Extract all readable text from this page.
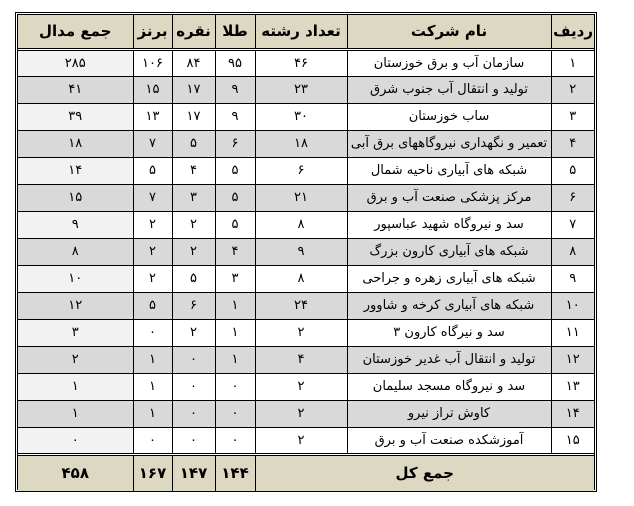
ردیف	نام شرکت	تعداد رشته	طلا	نقره	برنز	جمع مدال
۱	سازمان آب و برق خوزستان	۴۶	۹۵	۸۴	۱۰۶	۲۸۵
۲	تولید و انتقال آب جنوب شرق	۲۳	۹	۱۷	۱۵	۴۱
۳	ساب خوزستان	۳۰	۹	۱۷	۱۳	۳۹
۴	تعمیر و نگهداری نیروگاههای برق آبی	۱۸	۶	۵	۷	۱۸
۵	شبکه های آبیاری ناحیه شمال	۶	۵	۴	۵	۱۴
۶	مرکز پزشکی صنعت آب و برق	۲۱	۵	۳	۷	۱۵
۷	سد و نیروگاه شهید عباسپور	۸	۵	۲	۲	۹
۸	شبکه های آبیاری کارون بزرگ	۹	۴	۲	۲	۸
۹	شبکه های آبیاری زهره و جراحی	۸	۳	۵	۲	۱۰
۱۰	شبکه های آبیاری کرخه و شاوور	۲۴	۱	۶	۵	۱۲
۱۱	سد و نیرگاه کارون ۳	۲	۱	۲	۰	۳
۱۲	تولید و انتقال آب غدیر خوزستان	۴	۱	۰	۱	۲
۱۳	سد و نیروگاه مسجد سلیمان	۲	۰	۰	۱	۱
۱۴	کاوش تراز نیرو	۲	۰	۰	۱	۱
۱۵	آموزشکده صنعت آب و برق	۲	۰	۰	۰	۰
جمع کل			۱۴۴	۱۴۷	۱۶۷	۴۵۸
